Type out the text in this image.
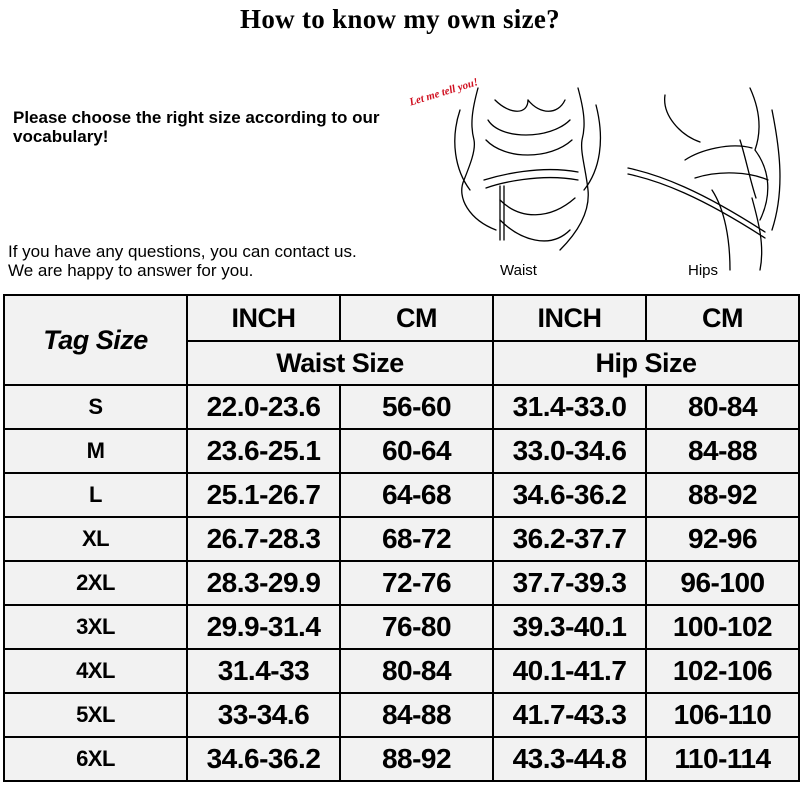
How to know my own size?
Please choose the right size according to our vocabulary!
If you have any questions, you can contact us.
We are happy to answer for you.
Let me tell you!
Waist	Hips
Tag Size	INCH	CM	INCH	CM
	Waist Size		Hip Size	
S	22.0-23.6	56-60	31.4-33.0	80-84
M	23.6-25.1	60-64	33.0-34.6	84-88
L	25.1-26.7	64-68	34.6-36.2	88-92
XL	26.7-28.3	68-72	36.2-37.7	92-96
2XL	28.3-29.9	72-76	37.7-39.3	96-100
3XL	29.9-31.4	76-80	39.3-40.1	100-102
4XL	31.4-33	80-84	40.1-41.7	102-106
5XL	33-34.6	84-88	41.7-43.3	106-110
6XL	34.6-36.2	88-92	43.3-44.8	110-114
